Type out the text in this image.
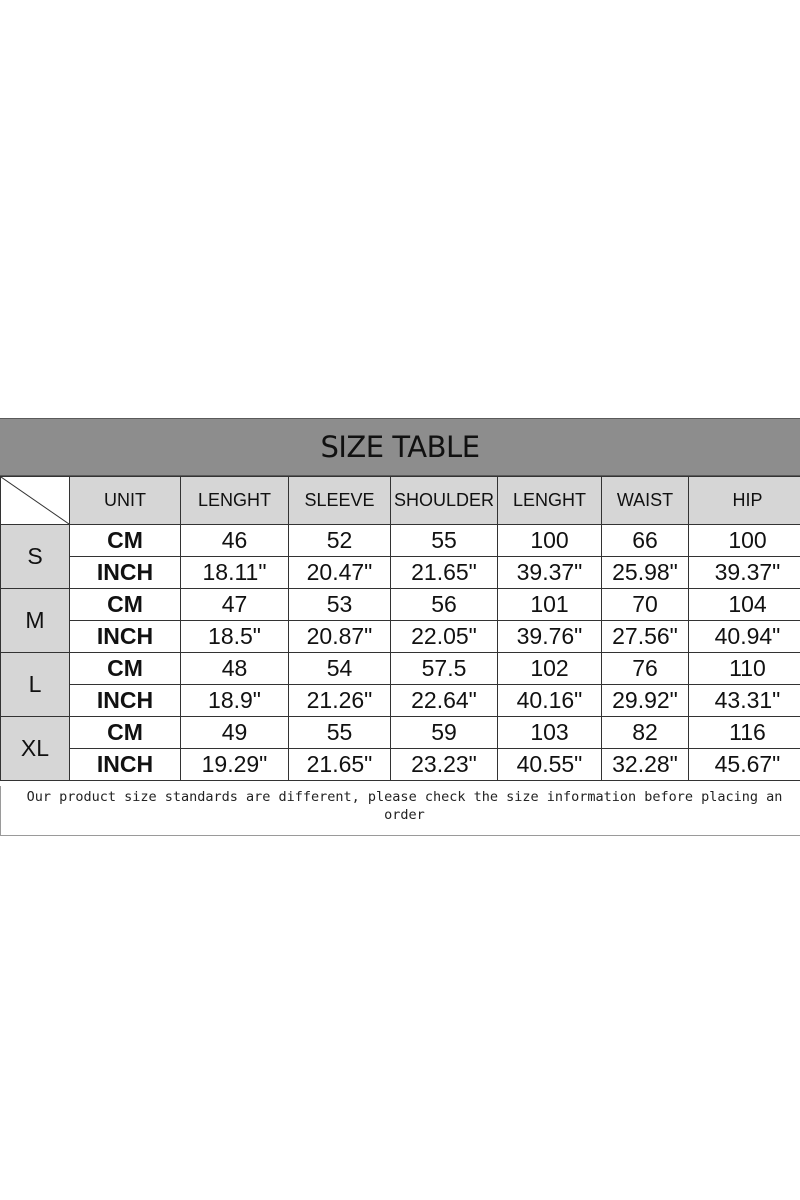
SIZE TABLE
	UNIT	LENGHT	SLEEVE	SHOULDER	LENGHT	WAIST	HIP
S	CM	46	52	55	100	66	100
	INCH	18.11"	20.47"	21.65"	39.37"	25.98"	39.37"
M	CM	47	53	56	101	70	104
	INCH	18.5"	20.87"	22.05"	39.76"	27.56"	40.94"
L	CM	48	54	57.5	102	76	110
	INCH	18.9"	21.26"	22.64"	40.16"	29.92"	43.31"
XL	CM	49	55	59	103	82	116
	INCH	19.29"	21.65"	23.23"	40.55"	32.28"	45.67"
Our product size standards are different, please check the size information before placing an order
